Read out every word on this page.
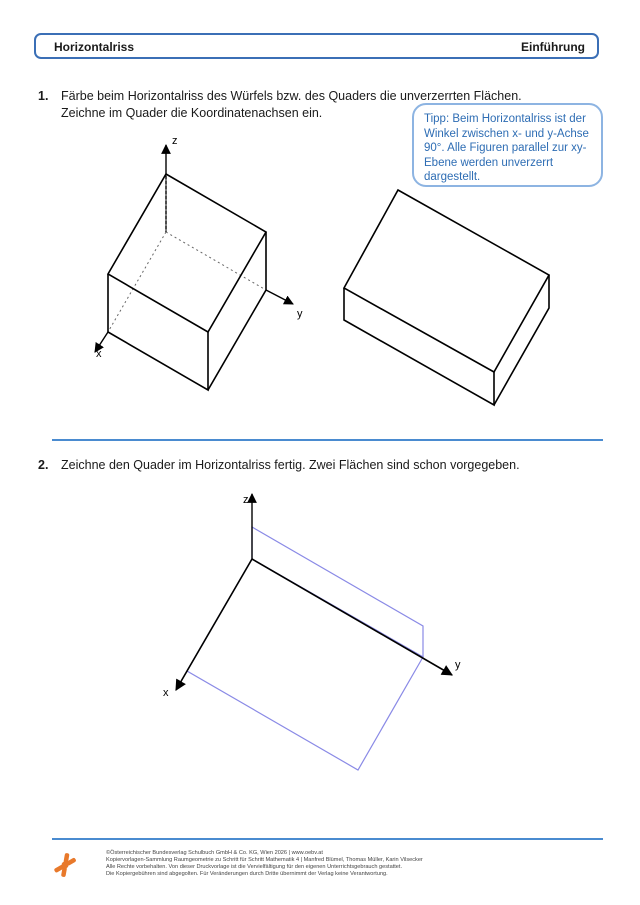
Horizontalriss	Einführung
1. Färbe beim Horizontalriss des Würfels bzw. des Quaders die unverzerrten Flächen.
Zeichne im Quader die Koordinatenachsen ein.	Tipp: Beim Horizontalriss ist der Winkel zwischen x- und y-Achse 90°. Alle Figuren parallel zur xy-Ebene werden unverzerrt dargestellt.
z
y
x
z
y
x
2. Zeichne den Quader im Horizontalriss fertig. Zwei Flächen sind schon vorgegeben.
©Österreichischer Bundesverlag Schulbuch GmbH & Co. KG, Wien 2026 | www.oebv.at
Kopiervorlagen-Sammlung Raumgeometrie zu Schritt für Schritt Mathematik 4 | Manfred Blümel, Thomas Müller, Karin Vilsecker
Alle Rechte vorbehalten. Von dieser Druckvorlage ist die Vervielfältigung für den eigenen Unterrichtsgebrauch gestattet.
Die Kopiergebühren sind abgegolten. Für Veränderungen durch Dritte übernimmt der Verlag keine Verantwortung.
